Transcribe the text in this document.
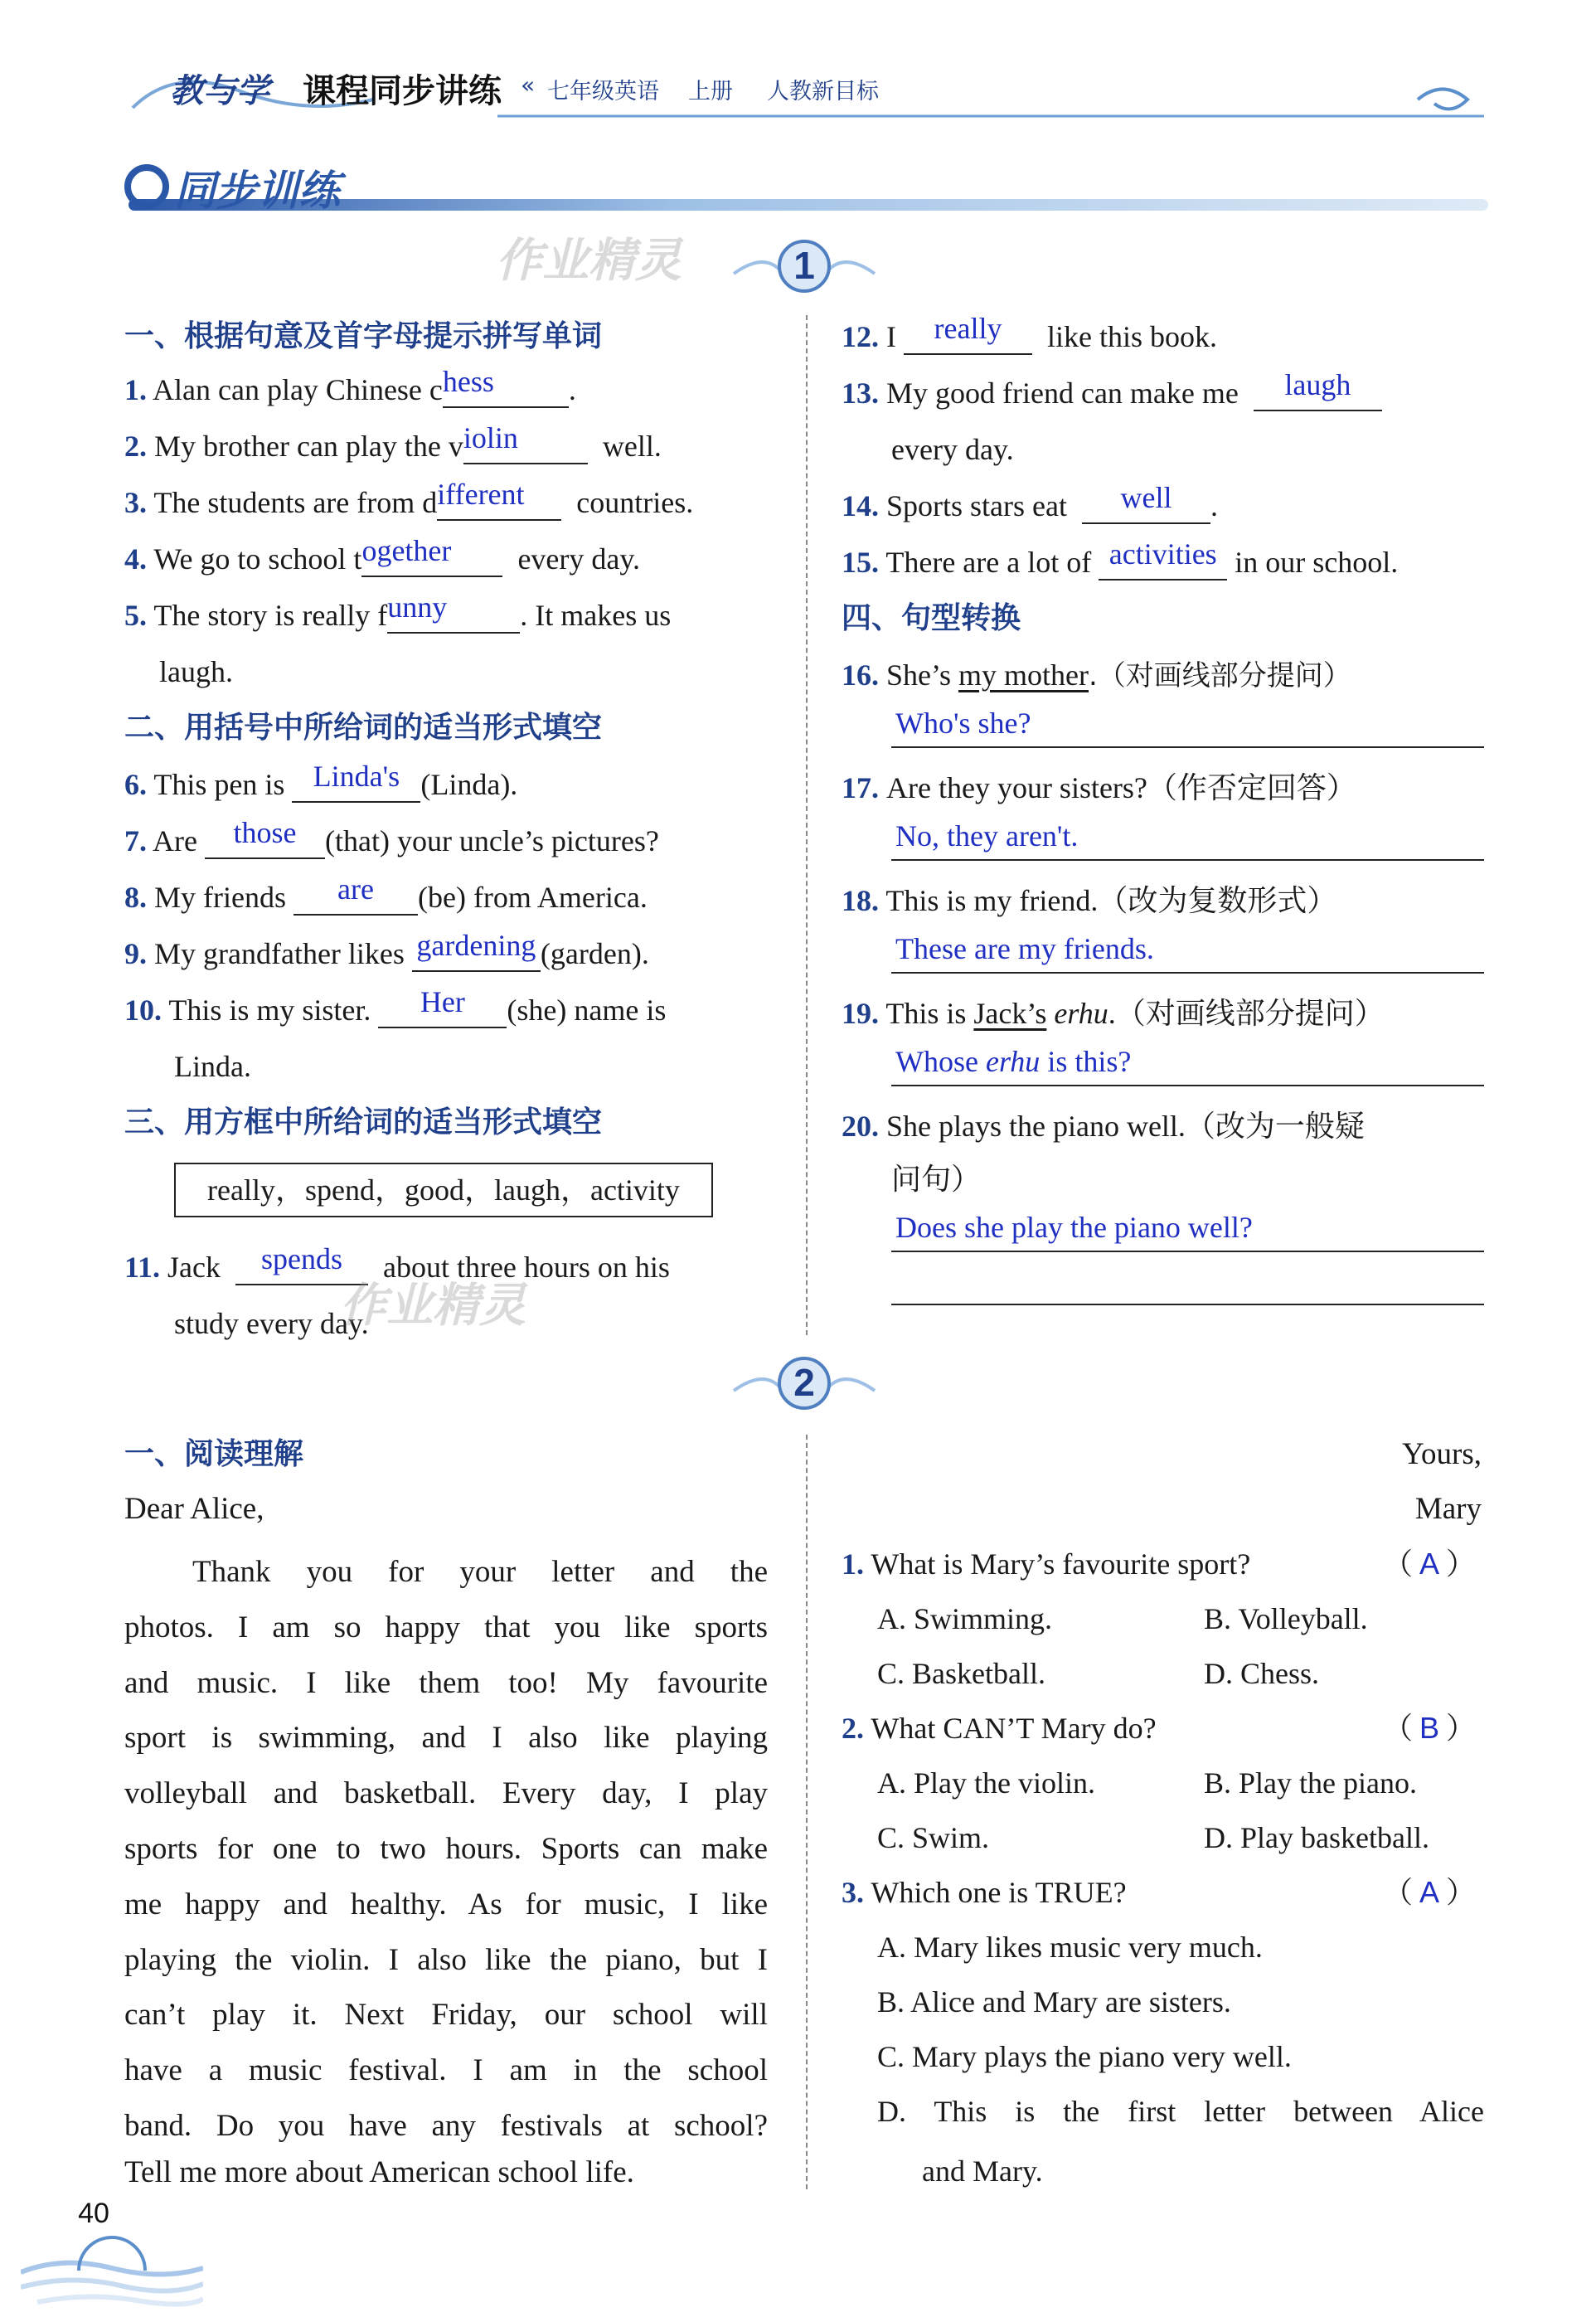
教与学 课程同步讲练 « 七年级英语 上册 人教新目标
同步训练
作业精灵	1
一、根据句意及首字母提示拼写单词
1. Alan can play Chinese chess	.
2. My brother can play the violin	well.
3. The students are from different countries.
4. We go to school together every day.
5. The story is really funny . It makes us
laugh.
二、用括号中所给词的适当形式填空
6. This pen is Linda's (Linda).
7. Are those (that) your uncle’s pictures?
8. My friends are (be) from America.
9. My grandfather likes gardening (garden).
10. This is my sister. Her (she) name is
Linda.
三、用方框中所给词的适当形式填空
really，spend，good，laugh，activity
11. Jack spends about three hours on his
study every day.
作业精灵
12. I really like this book.
13. My good friend can make me laugh
every day.
14. Sports stars eat well .
15. There are a lot of activities in our school.
四、句型转换
16. She’s my mother.（对画线部分提问）
Who's she?
17. Are they your sisters?（作否定回答）
No, they aren't.
18. This is my friend.（改为复数形式）
These are my friends.
19. This is Jack’s erhu.（对画线部分提问）
Whose erhu is this?
20. She plays the piano well.（改为一般疑
问句）
Does she play the piano well?
2
一、阅读理解
Dear Alice,
Thank you for your letter and the
photos. I am so happy that you like sports
and music. I like them too! My favourite
sport is swimming, and I also like playing
volleyball and basketball. Every day, I play
sports for one to two hours. Sports can make
me happy and healthy. As for music, I like
playing the violin. I also like the piano, but I
can’t play it. Next Friday, our school will
have a music festival. I am in the school
band. Do you have any festivals at school?
Tell me more about American school life.
Yours,
Mary
1. What is Mary’s favourite sport?	（ A ）
A. Swimming.	B. Volleyball.
C. Basketball.	D. Chess.
2. What CAN’T Mary do?	（ B ）
A. Play the violin.	B. Play the piano.
C. Swim.	D. Play basketball.
3. Which one is TRUE?	（ A ）
A. Mary likes music very much.
B. Alice and Mary are sisters.
C. Mary plays the piano very well.
D. This is the first letter between Alice
and Mary.
40
